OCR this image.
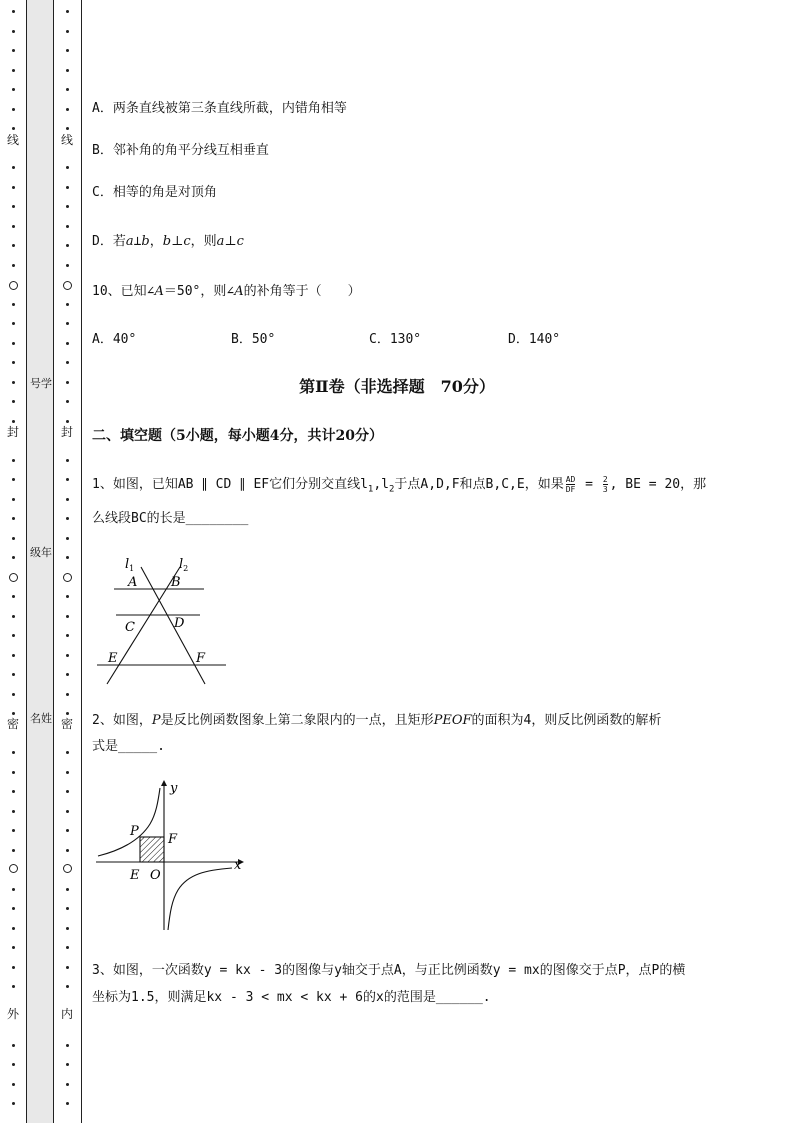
线
封
密
外
号学
级年
名姓
线
封
密
内
A．两条直线被第三条直线所截，内错角相等
B．邻补角的角平分线互相垂直
C．相等的角是对顶角
D．若a⊥b，b⊥c，则a⊥c
10、已知∠A＝50°，则∠A的补角等于（　　）
A．40°	B．50°	C．130°	D．140°
第Ⅱ卷（非选择题　70分）
二、填空题（5小题，每小题4分，共计20分）
1、如图，已知AB ∥ CD ∥ EF它们分别交直线$l_1,l_2$于点A,D,F和点B,C,E，如果 $\frac{AD}{DF} = \frac{2}{3}$ , BE = 20，那
么线段BC的长是________
$l_1$	$l_2$
A	B
C	D
E	F
2、如图，P是反比例函数图象上第二象限内的一点，且矩形PEOF的面积为4，则反比例函数的解析
式是_____.
y
x
P
F
E O
3、如图，一次函数y = kx - 3的图像与y轴交于点A，与正比例函数y = mx的图像交于点P，点P的横
坐标为1.5，则满足kx - 3 < mx < kx + 6的x的范围是______.
